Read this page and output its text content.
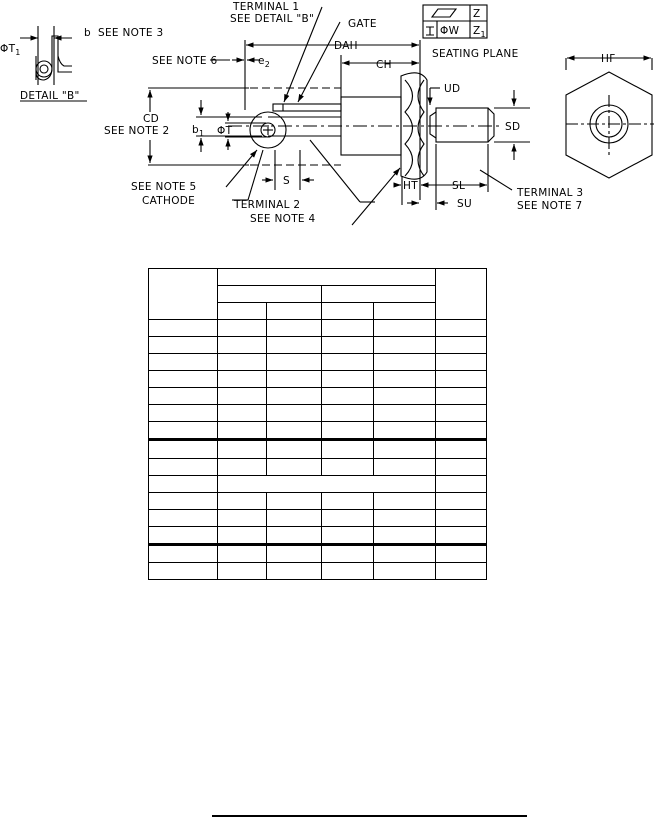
$\Phi T_1$
b SEE NOTE 3
DETAIL "B"
TERMINAL 1
SEE DETAIL "B"	GATE
DAH
SEE NOTE 6	$e_2$	CH
SEATING PLANE
Z
ΦW $Z_1$
HF
UD
SD
CD
SEE NOTE 2 $b_1$ ΦT
SEE NOTE 5
CATHODE
S
TERMINAL 2
SEE NOTE 4
HT	SL
SU
TERMINAL 3
SEE NOTE 7
